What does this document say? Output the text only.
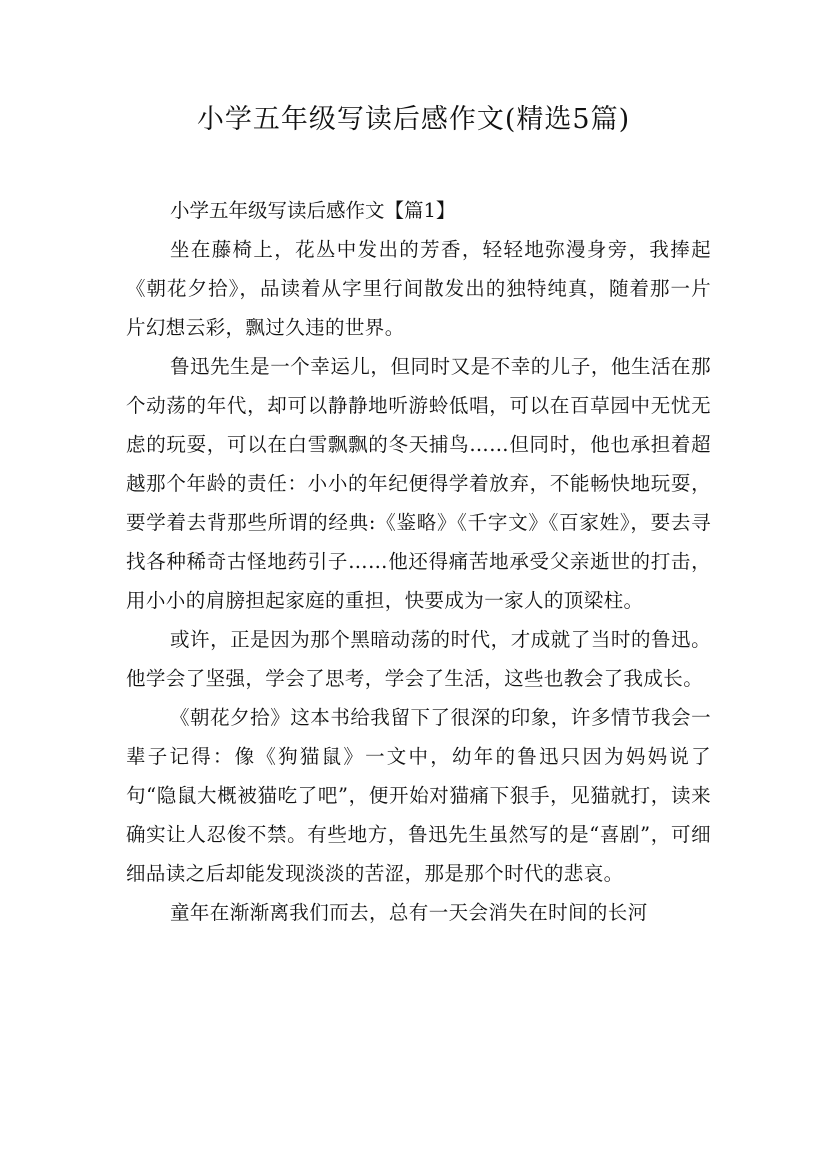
小学五年级写读后感作文(精选5篇)
小学五年级写读后感作文【篇1】

坐在藤椅上，花丛中发出的芳香，轻轻地弥漫身旁，我捧起《朝花夕拾》，品读着从字里行间散发出的独特纯真，随着那一片片幻想云彩，飘过久违的世界。

鲁迅先生是一个幸运儿，但同时又是不幸的儿子，他生活在那个动荡的年代，却可以静静地听游蛉低唱，可以在百草园中无忧无虑的玩耍，可以在白雪飘飘的冬天捕鸟……但同时，他也承担着超越那个年龄的责任：小小的年纪便得学着放弃，不能畅快地玩耍，要学着去背那些所谓的经典:《鉴略》《千字文》《百家姓》，要去寻找各种稀奇古怪地药引子……他还得痛苦地承受父亲逝世的打击，用小小的肩膀担起家庭的重担，快要成为一家人的顶梁柱。

或许，正是因为那个黑暗动荡的时代，才成就了当时的鲁迅。他学会了坚强，学会了思考，学会了生活，这些也教会了我成长。

《朝花夕拾》这本书给我留下了很深的印象，许多情节我会一辈子记得：像《狗猫鼠》一文中，幼年的鲁迅只因为妈妈说了句“隐鼠大概被猫吃了吧”，便开始对猫痛下狠手，见猫就打，读来确实让人忍俊不禁。有些地方，鲁迅先生虽然写的是“喜剧”，可细细品读之后却能发现淡淡的苦涩，那是那个时代的悲哀。

童年在渐渐离我们而去，总有一天会消失在时间的长河
